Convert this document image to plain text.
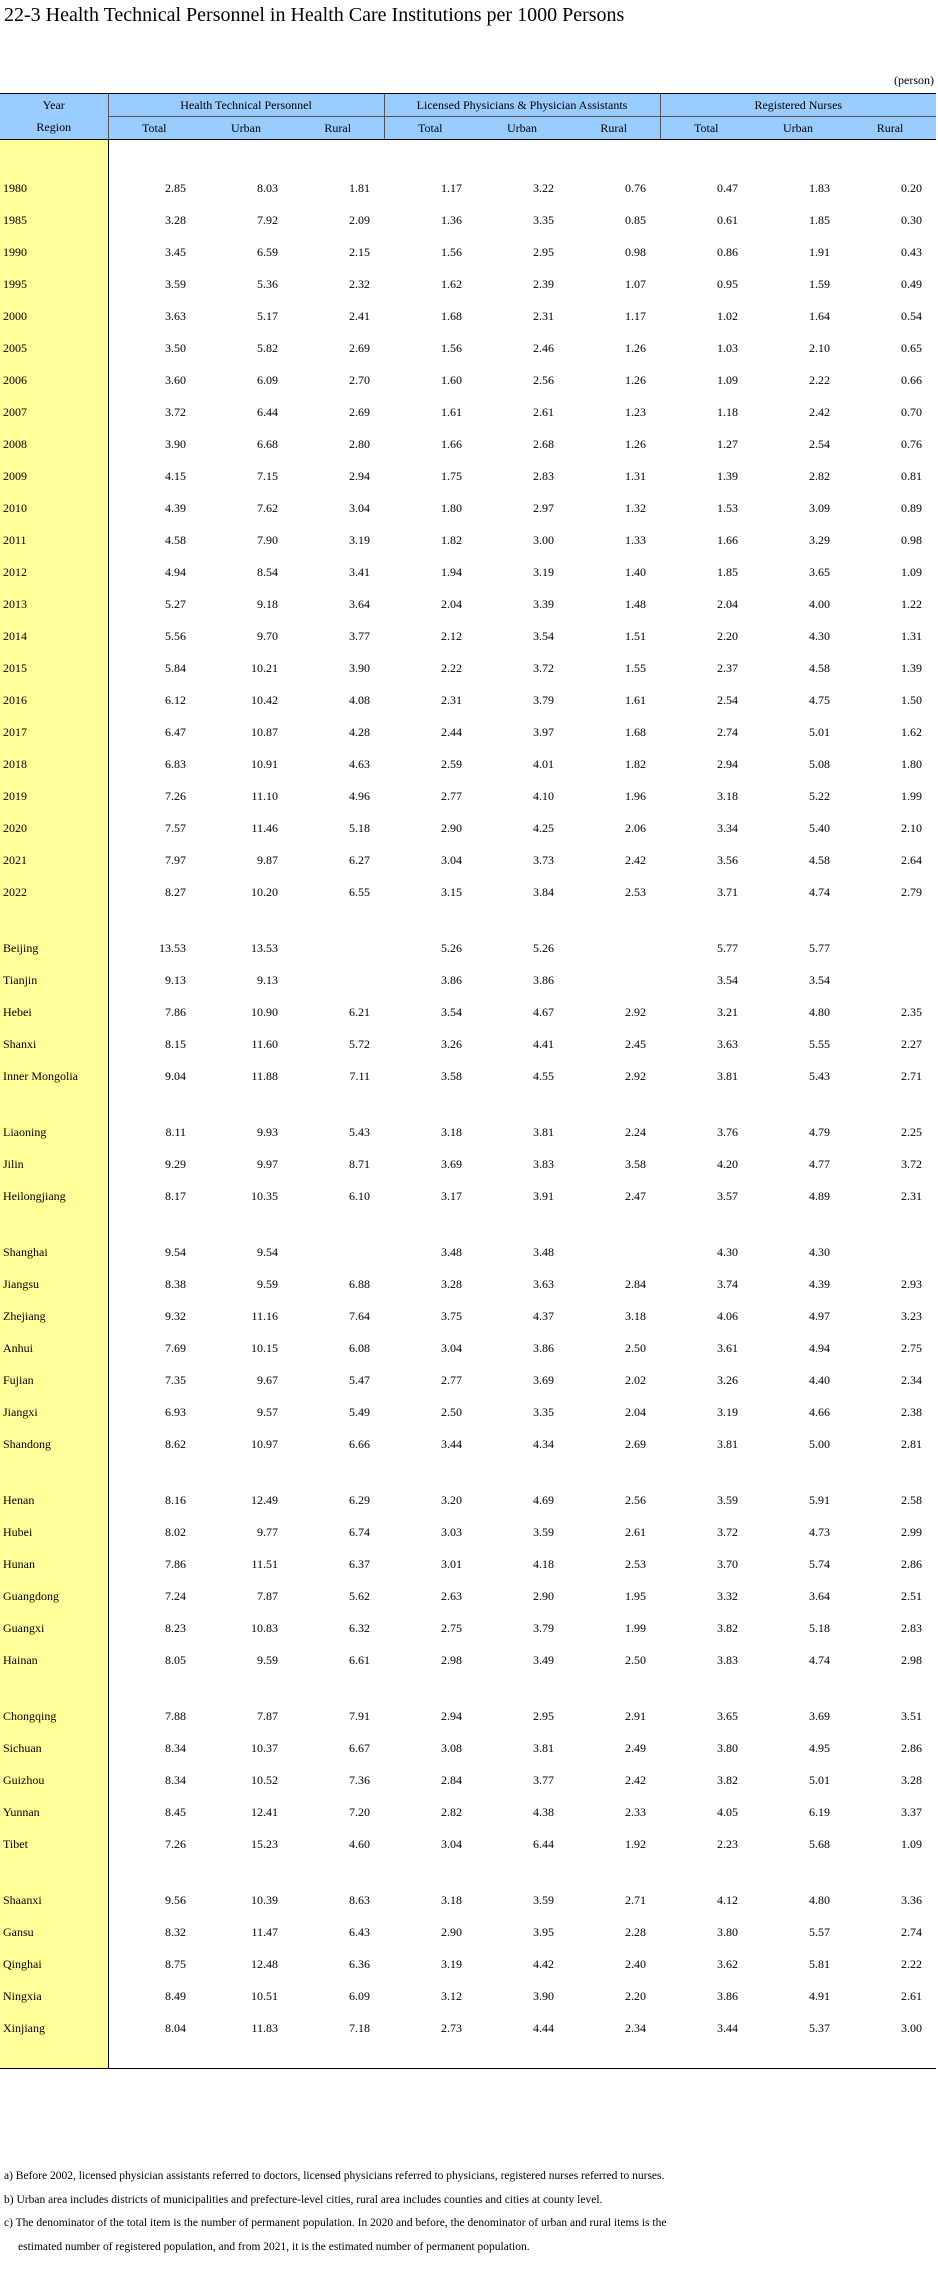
22-3 Health Technical Personnel in Health Care Institutions per 1000 Persons
(person)
Year	Health Technical Personnel			Licensed Physicians & Physician Assistants			Registered Nurses		
Region	Total	Urban	Rural	Total	Urban	Rural	Total	Urban	Rural

1980	2.85	8.03	1.81	1.17	3.22	0.76	0.47	1.83	0.20
1985	3.28	7.92	2.09	1.36	3.35	0.85	0.61	1.85	0.30
1990	3.45	6.59	2.15	1.56	2.95	0.98	0.86	1.91	0.43
1995	3.59	5.36	2.32	1.62	2.39	1.07	0.95	1.59	0.49
2000	3.63	5.17	2.41	1.68	2.31	1.17	1.02	1.64	0.54
2005	3.50	5.82	2.69	1.56	2.46	1.26	1.03	2.10	0.65
2006	3.60	6.09	2.70	1.60	2.56	1.26	1.09	2.22	0.66
2007	3.72	6.44	2.69	1.61	2.61	1.23	1.18	2.42	0.70
2008	3.90	6.68	2.80	1.66	2.68	1.26	1.27	2.54	0.76
2009	4.15	7.15	2.94	1.75	2.83	1.31	1.39	2.82	0.81
2010	4.39	7.62	3.04	1.80	2.97	1.32	1.53	3.09	0.89
2011	4.58	7.90	3.19	1.82	3.00	1.33	1.66	3.29	0.98
2012	4.94	8.54	3.41	1.94	3.19	1.40	1.85	3.65	1.09
2013	5.27	9.18	3.64	2.04	3.39	1.48	2.04	4.00	1.22
2014	5.56	9.70	3.77	2.12	3.54	1.51	2.20	4.30	1.31
2015	5.84	10.21	3.90	2.22	3.72	1.55	2.37	4.58	1.39
2016	6.12	10.42	4.08	2.31	3.79	1.61	2.54	4.75	1.50
2017	6.47	10.87	4.28	2.44	3.97	1.68	2.74	5.01	1.62
2018	6.83	10.91	4.63	2.59	4.01	1.82	2.94	5.08	1.80
2019	7.26	11.10	4.96	2.77	4.10	1.96	3.18	5.22	1.99
2020	7.57	11.46	5.18	2.90	4.25	2.06	3.34	5.40	2.10
2021	7.97	9.87	6.27	3.04	3.73	2.42	3.56	4.58	2.64
2022	8.27	10.20	6.55	3.15	3.84	2.53	3.71	4.74	2.79

Beijing	13.53	13.53		5.26	5.26		5.77	5.77	
Tianjin	9.13	9.13		3.86	3.86		3.54	3.54	
Hebei	7.86	10.90	6.21	3.54	4.67	2.92	3.21	4.80	2.35
Shanxi	8.15	11.60	5.72	3.26	4.41	2.45	3.63	5.55	2.27
Inner Mongolia	9.04	11.88	7.11	3.58	4.55	2.92	3.81	5.43	2.71

Liaoning	8.11	9.93	5.43	3.18	3.81	2.24	3.76	4.79	2.25
Jilin	9.29	9.97	8.71	3.69	3.83	3.58	4.20	4.77	3.72
Heilongjiang	8.17	10.35	6.10	3.17	3.91	2.47	3.57	4.89	2.31

Shanghai	9.54	9.54		3.48	3.48		4.30	4.30	
Jiangsu	8.38	9.59	6.88	3.28	3.63	2.84	3.74	4.39	2.93
Zhejiang	9.32	11.16	7.64	3.75	4.37	3.18	4.06	4.97	3.23
Anhui	7.69	10.15	6.08	3.04	3.86	2.50	3.61	4.94	2.75
Fujian	7.35	9.67	5.47	2.77	3.69	2.02	3.26	4.40	2.34
Jiangxi	6.93	9.57	5.49	2.50	3.35	2.04	3.19	4.66	2.38
Shandong	8.62	10.97	6.66	3.44	4.34	2.69	3.81	5.00	2.81

Henan	8.16	12.49	6.29	3.20	4.69	2.56	3.59	5.91	2.58
Hubei	8.02	9.77	6.74	3.03	3.59	2.61	3.72	4.73	2.99
Hunan	7.86	11.51	6.37	3.01	4.18	2.53	3.70	5.74	2.86
Guangdong	7.24	7.87	5.62	2.63	2.90	1.95	3.32	3.64	2.51
Guangxi	8.23	10.83	6.32	2.75	3.79	1.99	3.82	5.18	2.83
Hainan	8.05	9.59	6.61	2.98	3.49	2.50	3.83	4.74	2.98

Chongqing	7.88	7.87	7.91	2.94	2.95	2.91	3.65	3.69	3.51
Sichuan	8.34	10.37	6.67	3.08	3.81	2.49	3.80	4.95	2.86
Guizhou	8.34	10.52	7.36	2.84	3.77	2.42	3.82	5.01	3.28
Yunnan	8.45	12.41	7.20	2.82	4.38	2.33	4.05	6.19	3.37
Tibet	7.26	15.23	4.60	3.04	6.44	1.92	2.23	5.68	1.09

Shaanxi	9.56	10.39	8.63	3.18	3.59	2.71	4.12	4.80	3.36
Gansu	8.32	11.47	6.43	2.90	3.95	2.28	3.80	5.57	2.74
Qinghai	8.75	12.48	6.36	3.19	4.42	2.40	3.62	5.81	2.22
Ningxia	8.49	10.51	6.09	3.12	3.90	2.20	3.86	4.91	2.61
Xinjiang	8.04	11.83	7.18	2.73	4.44	2.34	3.44	5.37	3.00

a) Before 2002, licensed physician assistants referred to doctors, licensed physicians referred to physicians, registered nurses referred to nurses.
b) Urban area includes districts of municipalities and prefecture-level cities, rural area includes counties and cities at county level.
c) The denominator of the total item is the number of permanent population. In 2020 and before, the denominator of urban and rural items is the
estimated number of registered population, and from 2021, it is the estimated number of permanent population.
